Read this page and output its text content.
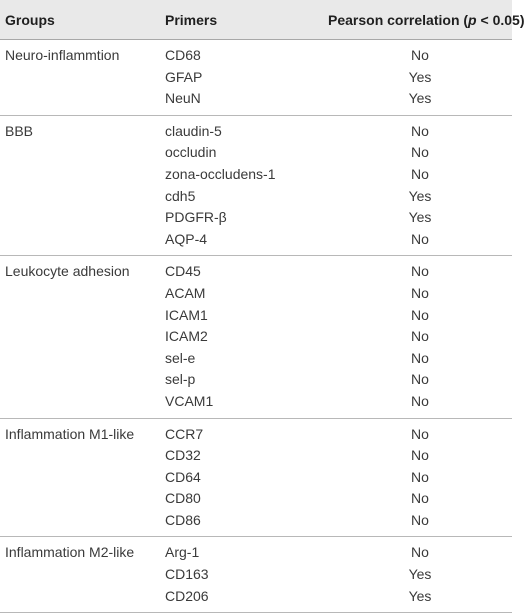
Groups	Primers	Pearson correlation (p < 0.05)
Neuro-inflammtion	CD68	No
	GFAP	Yes
	NeuN	Yes
BBB	claudin-5	No
	occludin	No
	zona-occludens-1	No
	cdh5	Yes
	PDGFR-β	Yes
	AQP-4	No
Leukocyte adhesion	CD45	No
	ACAM	No
	ICAM1	No
	ICAM2	No
	sel-e	No
	sel-p	No
	VCAM1	No
Inflammation M1-like	CCR7	No
	CD32	No
	CD64	No
	CD80	No
	CD86	No
Inflammation M2-like	Arg-1	No
	CD163	Yes
	CD206	Yes
